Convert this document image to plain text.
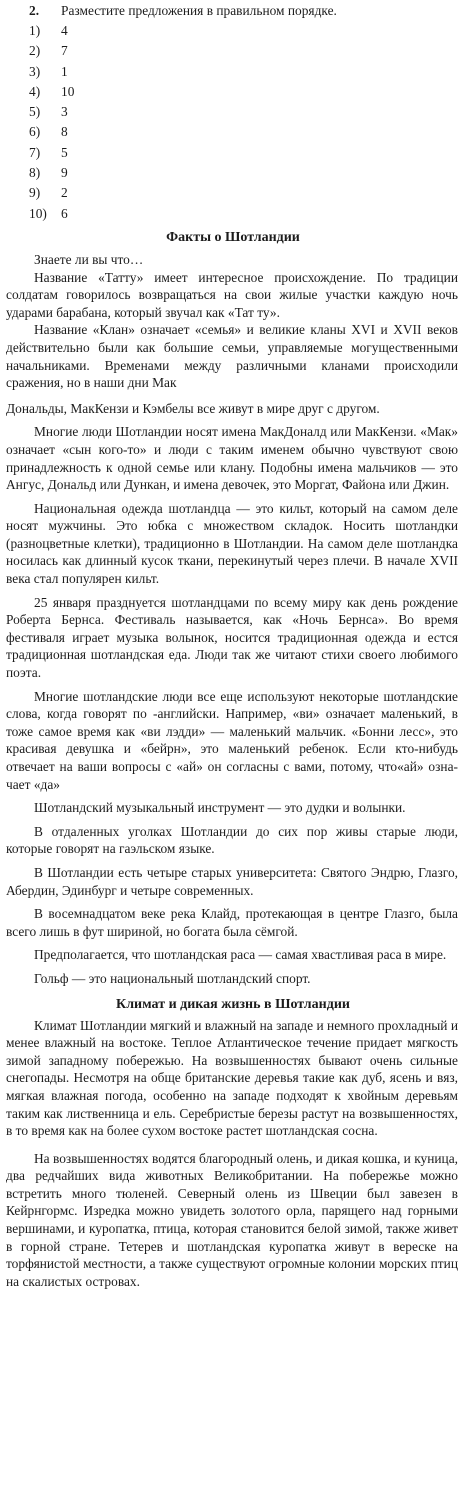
2.	Разместите предложения в правильном порядке.
1)	4
2)	7
3)	1
4)	10
5)	3
6)	8
7)	5
8)	9
9)	2
10)	6
Факты о Шотландии

Знаете ли вы что…

Название «Татту» имеет интересное происхождение. По традиции солдатам говорилось возвращаться на свои жилые участки каждую ночь ударами барабана, который звучал как «Тат ту».

Название «Клан» означает «семья» и великие кланы XVI и XVII веков действительно были как большие семьи, управляемые могущественными начальниками. Временами между различными кланами происходили сражения, но в наши дни Мак

Дональды, МакКензи и Кэмбелы все живут в мире друг с другом.

Многие люди Шотландии носят имена МакДоналд или МакКензи. «Мак» означает «сын кого-то» и люди с таким именем обычно чувствуют свою принадлежность к одной семье или клану. Подобны имена мальчиков — это Ангус, Дональд или Дункан, и имена девочек, это Моргат, Файона или Джин.

Национальная одежда шотландца — это кильт, который на самом деле носят мужчины. Это юбка с множеством складок. Носить шотландки (разноцветные клетки), традиционно в Шотландии. На самом деле шотландка носилась как длинный кусок ткани, перекинутый через плечи. В начале XVII века стал популярен кильт.

25 января празднуется шотландцами по всему миру как день рождение Роберта Бернса. Фестиваль называется, как «Ночь Бернса». Во время фестиваля играет музыка волынок, носится традиционная одежда и естся традиционная шотландская еда. Люди так же читают стихи своего любимого поэта.

Многие шотландские люди все еще используют некоторые шотландские слова, когда говорят по -английски. Например, «ви» означает маленький, в тоже самое время как «ви лэдди» — маленький мальчик. «Бонни лесс», это красивая девушка и «бейрн», это маленький ребенок. Если кто-нибудь отвечает на ваши вопросы с «ай» он согласны с вами, потому, что«ай» означает «да»

Шотландский музыкальный инструмент — это дудки и волынки.

В отдаленных уголках Шотландии до сих пор живы старые люди, которые говорят на гаэльском языке.

В Шотландии есть четыре старых университета: Святого Эндрю, Глазго, Абердин, Эдинбург и четыре современных.

В восемнадцатом веке река Клайд, протекающая в центре Глазго, была всего лишь в фут шириной, но богата была сёмгой.

Предполагается, что шотландская раса — самая хвастливая раса в мире.

Гольф — это национальный шотландский спорт.

Климат и дикая жизнь в Шотландии

Климат Шотландии мягкий и влажный на западе и немного прохладный и менее влажный на востоке. Теплое Атлантическое течение придает мягкость зимой западному побережью. На возвышенностях бывают очень сильные снегопады. Несмотря на обще британские деревья такие как дуб, ясень и вяз, мягкая влажная погода, особенно на западе подходят к хвойным деревьям таким как лиственница и ель. Серебристые березы растут на возвышенностях, в то время как на более сухом востоке растет шотландская сосна.

На возвышенностях водятся благородный олень, и дикая кошка, и куница, два редчайших вида животных Великобритании. На побережье можно встретить много тюленей. Северный олень из Швеции был завезен в Кейрнгормс. Изредка можно увидеть золотого орла, парящего над горными вершинами, и куропатка, птица, которая становится белой зимой, также живет в горной стране. Тетерев и шотландская куропатка живут в вереске на торфянистой местности, а также существуют огромные колонии морских птиц на скалистых островах.
